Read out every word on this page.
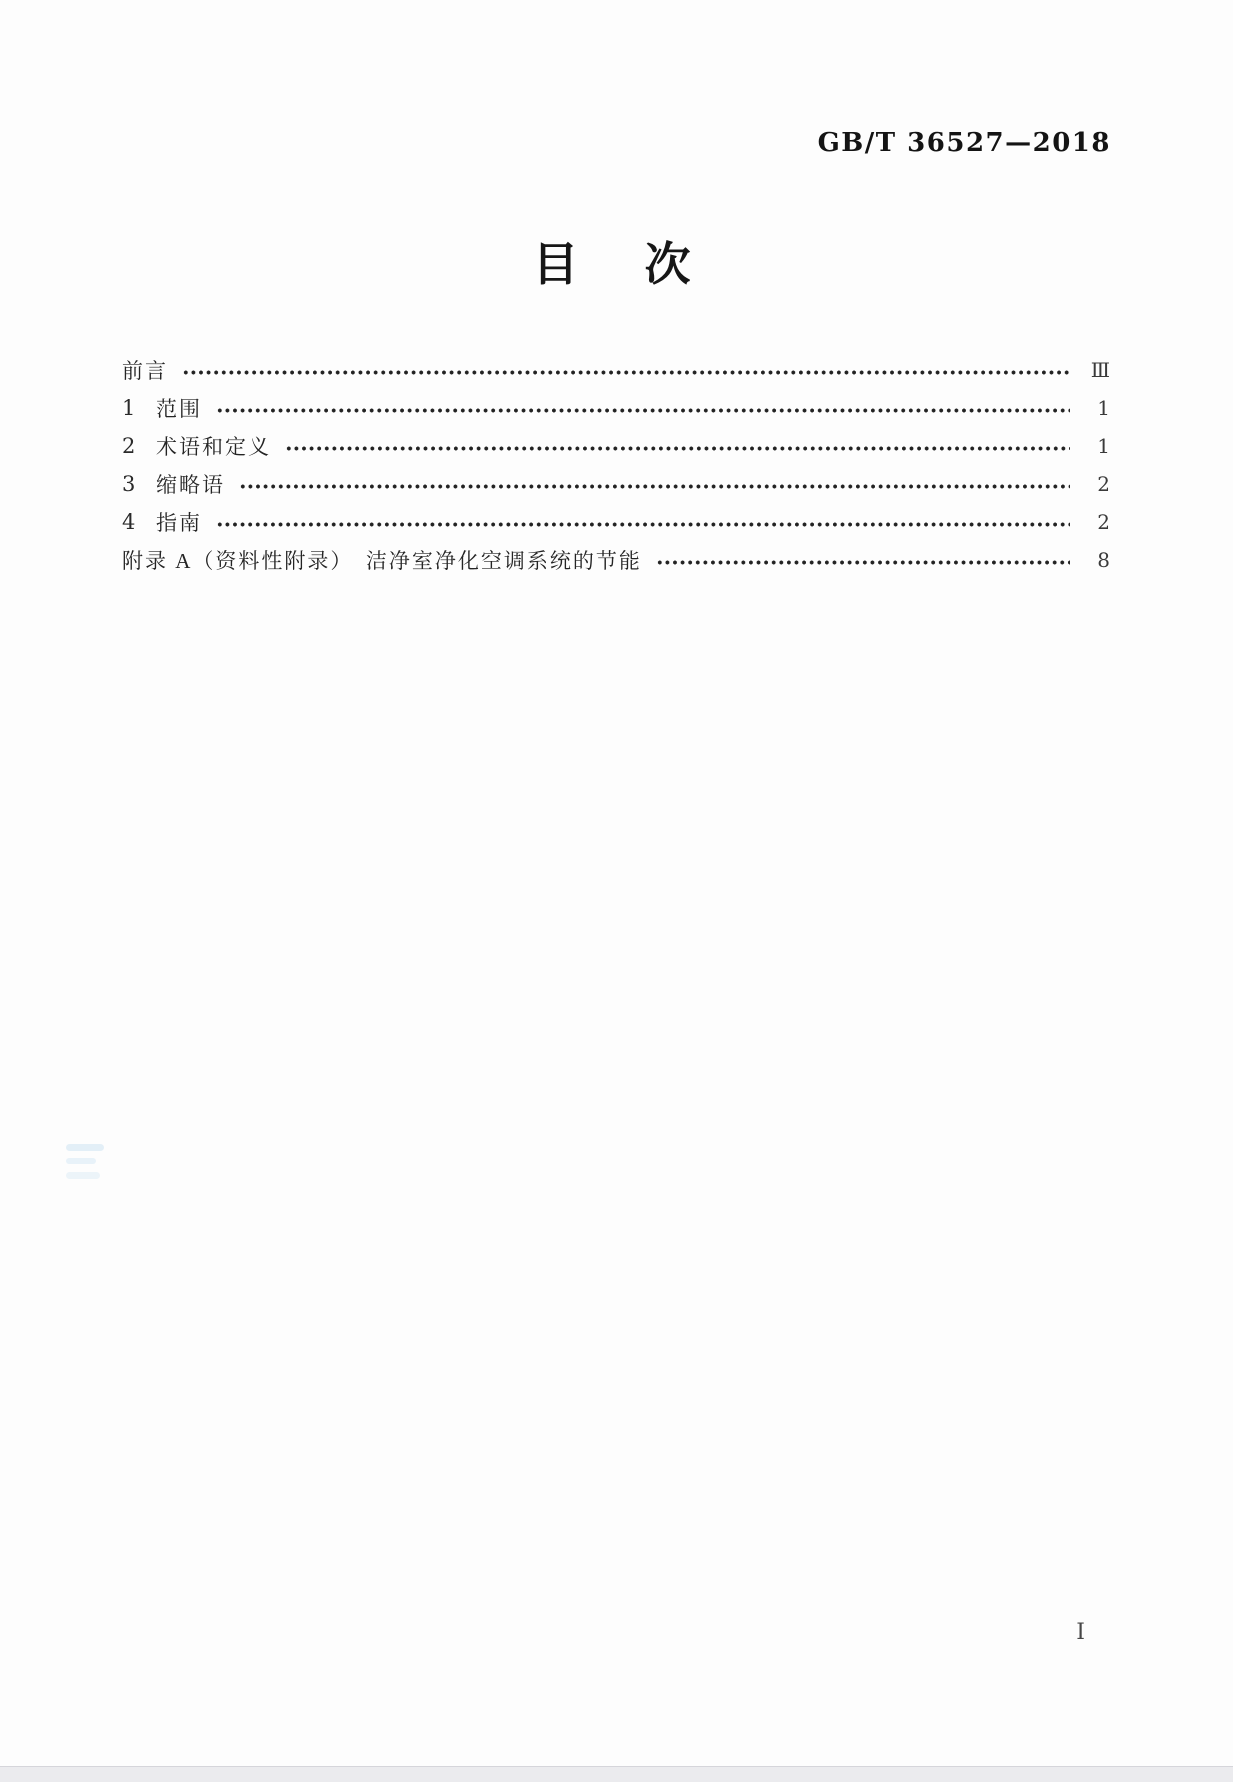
GB/T 36527—2018
目　次
前言	Ⅲ
1 范围	1
2 术语和定义	1
3 缩略语	2
4 指南	2
附录 A（资料性附录）　洁净室净化空调系统的节能	8
Ⅰ
